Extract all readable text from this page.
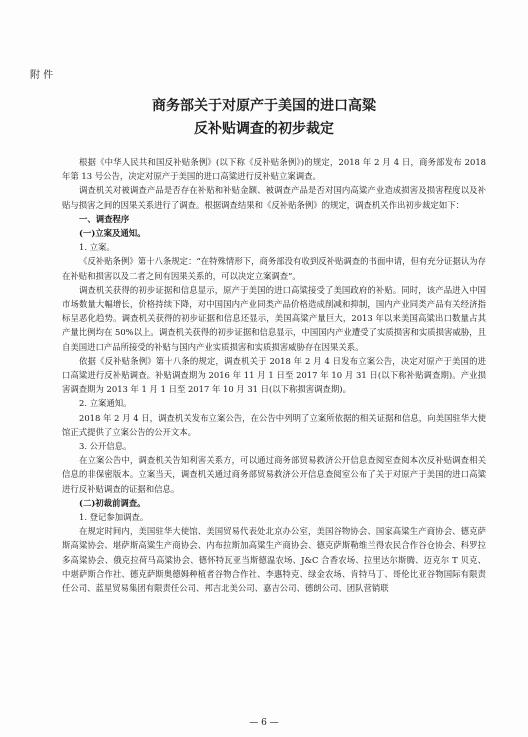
附 件
商务部关于对原产于美国的进口高粱
反补贴调查的初步裁定

根据《中华人民共和国反补贴条例》(以下称《反补贴条例》)的规定，2018 年 2 月 4 日，商务部发布 2018 年第 13 号公告，决定对原产于美国的进口高粱进行反补贴立案调查。

调查机关对被调查产品是否存在补贴和补贴金额、被调查产品是否对国内高粱产业造成损害及损害程度以及补贴与损害之间的因果关系进行了调查。根据调查结果和《反补贴条例》的规定，调查机关作出初步裁定如下：

一、调查程序

(一)立案及通知。

1. 立案。

《反补贴条例》第十八条规定：“在特殊情形下，商务部没有收到反补贴调查的书面申请，但有充分证据认为存在补贴和损害以及二者之间有因果关系的，可以决定立案调查”。

调查机关获得的初步证据和信息显示，原产于美国的进口高粱接受了美国政府的补贴。同时，该产品进入中国市场数量大幅增长，价格持续下降，对中国国内产业同类产品价格造成削减和抑制，国内产业同类产品有关经济指标呈恶化趋势。调查机关获得的初步证据和信息还显示，美国高粱产量巨大，2013 年以来美国高粱出口数量占其产量比例均在 50%以上。调查机关获得的初步证据和信息显示，中国国内产业遭受了实质损害和实质损害威胁，且自美国进口产品所接受的补贴与国内产业实质损害和实质损害威胁存在因果关系。

依据《反补贴条例》第十八条的规定，调查机关于 2018 年 2 月 4 日发布立案公告，决定对原产于美国的进口高粱进行反补贴调查。补贴调查期为 2016 年 11 月 1 日至 2017 年 10 月 31 日(以下称补贴调查期)。产业损害调查期为 2013 年 1 月 1 日至 2017 年 10 月 31 日(以下称损害调查期)。

2. 立案通知。

2018 年 2 月 4 日，调查机关发布立案公告，在公告中列明了立案所依据的相关证据和信息，向美国驻华大使馆正式提供了立案公告的公开文本。

3. 公开信息。

在立案公告中，调查机关告知利害关系方，可以通过商务部贸易救济公开信息查阅室查阅本次反补贴调查相关信息的非保密版本。立案当天，调查机关通过商务部贸易救济公开信息查阅室公布了关于对原产于美国的进口高粱进行反补贴调查的证据和信息。

(二)初裁前调查。

1. 登记参加调查。

在规定时间内，美国驻华大使馆、美国贸易代表处北京办公室，美国谷物协会、国家高粱生产商协会、德克萨斯高粱协会、堪萨斯高粱生产商协会、内布拉斯加高粱生产商协会、德克萨斯勒维兰得农民合作谷仓协会、科罗拉多高粱协会、俄克拉荷马高粱协会、德怀特瓦亚当斯德温农场、J&C 合香农场、拉里达尔斯腾、迈克尔 T 贝克、中堪萨斯合作社、德克萨斯奥德姆种植者谷物合作社、李惠特克、绿金农场、肯特马丁、哥伦比亚谷物国际有限责任公司、蓝星贸易集团有限责任公司、邦吉北美公司、嘉吉公司、德朗公司、团队营销联

— 6 —
